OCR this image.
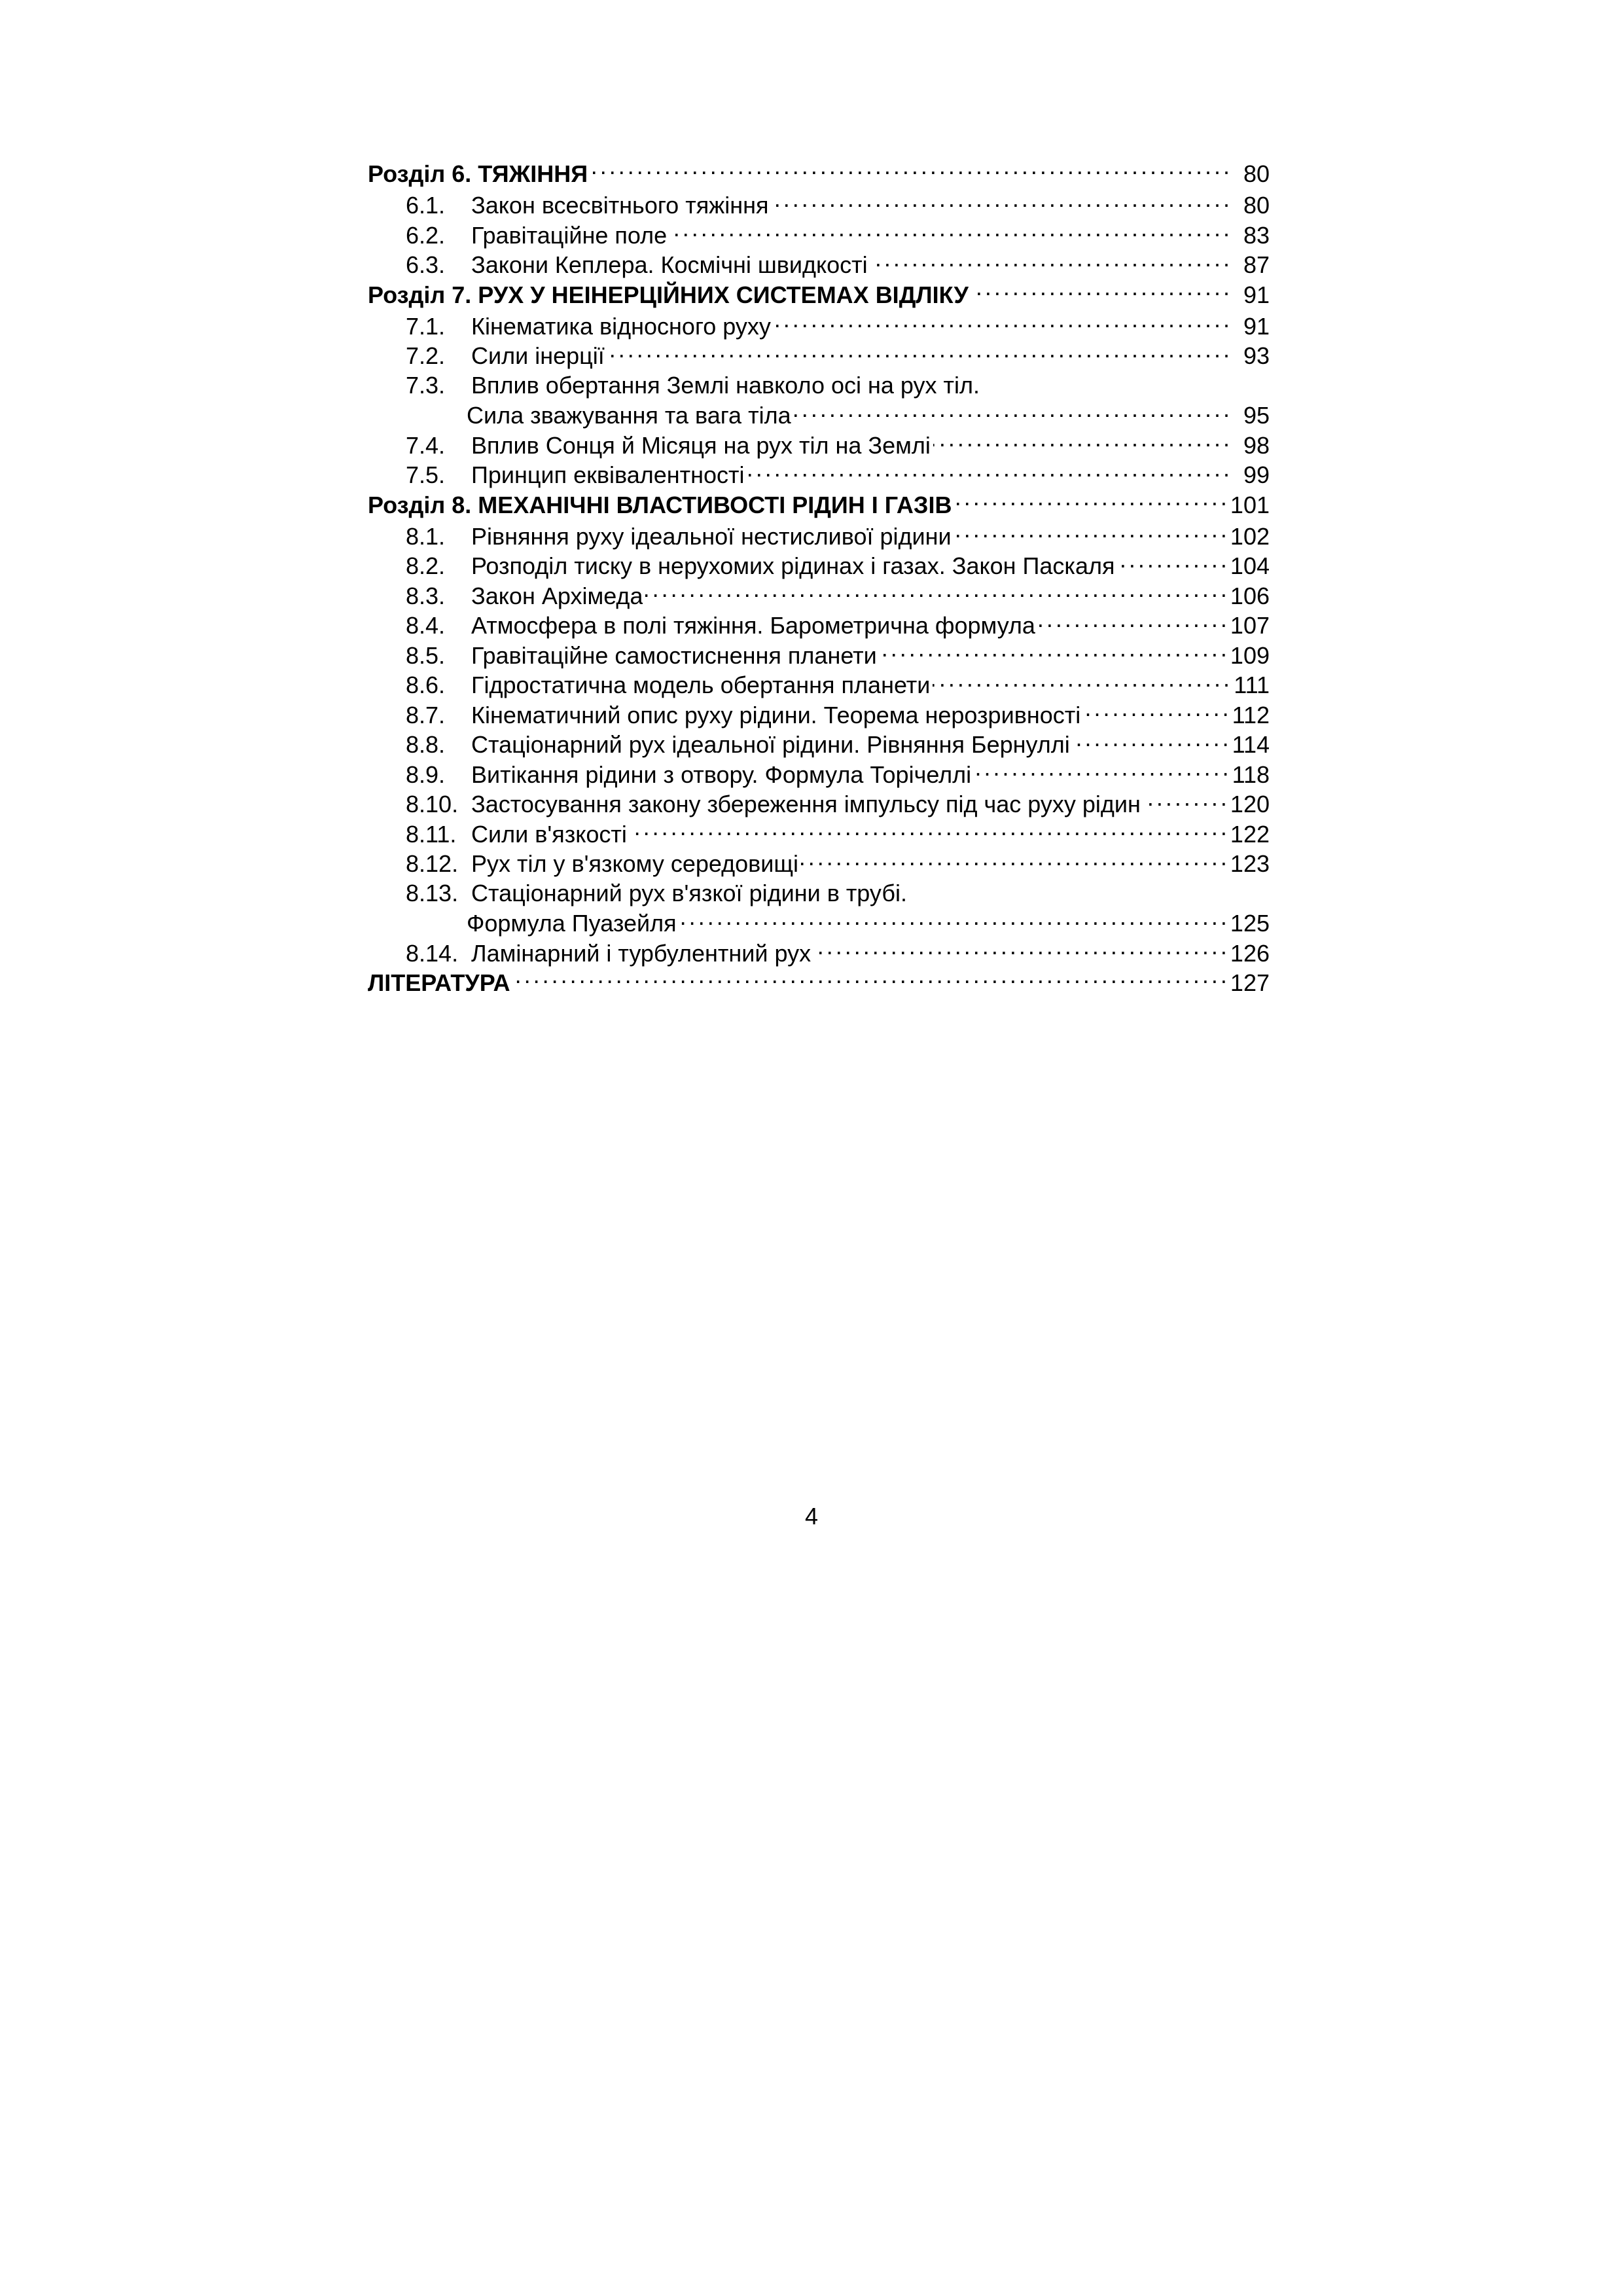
Розділ 6. ТЯЖІННЯ . . .	80
6.1.	Закон всесвітнього тяжіння . . .	80
6.2.	Гравітаційне поле . . .	83
6.3.	Закони Кеплера. Космічні швидкості . . .	87
Розділ 7. РУХ У НЕІНЕРЦІЙНИХ СИСТЕМАХ ВІДЛІКУ . . .	91
7.1.	Кінематика відносного руху . . .	91
7.2.	Сили інерції . . .	93
7.3.	Вплив обертання Землі навколо осі на рух тіл.
Сила зважування та вага тіла . . .	95
7.4.	Вплив Сонця й Місяця на рух тіл на Землі . . .	98
7.5.	Принцип еквівалентності . . .	99
Розділ 8. МЕХАНІЧНІ ВЛАСТИВОСТІ РІДИН І ГАЗІВ . . .	101
8.1.	Рівняння руху ідеальної нестисливої рідини . . .	102
8.2.	Розподіл тиску в нерухомих рідинах і газах. Закон Паскаля . . .	104
8.3.	Закон Архімеда . . .	106
8.4.	Атмосфера в полі тяжіння. Барометрична формула . . .	107
8.5.	Гравітаційне самостиснення планети . . .	109
8.6.	Гідростатична модель обертання планети . . .	111
8.7.	Кінематичний опис руху рідини. Теорема нерозривності . . .	112
8.8.	Стаціонарний рух ідеальної рідини. Рівняння Бернуллі . . .	114
8.9.	Витікання рідини з отвору. Формула Торічеллі . . .	118
8.10. Застосування закону збереження імпульсу під час руху рідин . . .	120
8.11. Сили в'язкості . . .	122
8.12. Рух тіл у в'язкому середовищі . . .	123
8.13. Стаціонарний рух в'язкої рідини в трубі.
Формула Пуазейля . . .	125
8.14. Ламінарний і турбулентний рух . . .	126
ЛІТЕРАТУРА . . .	127
4
